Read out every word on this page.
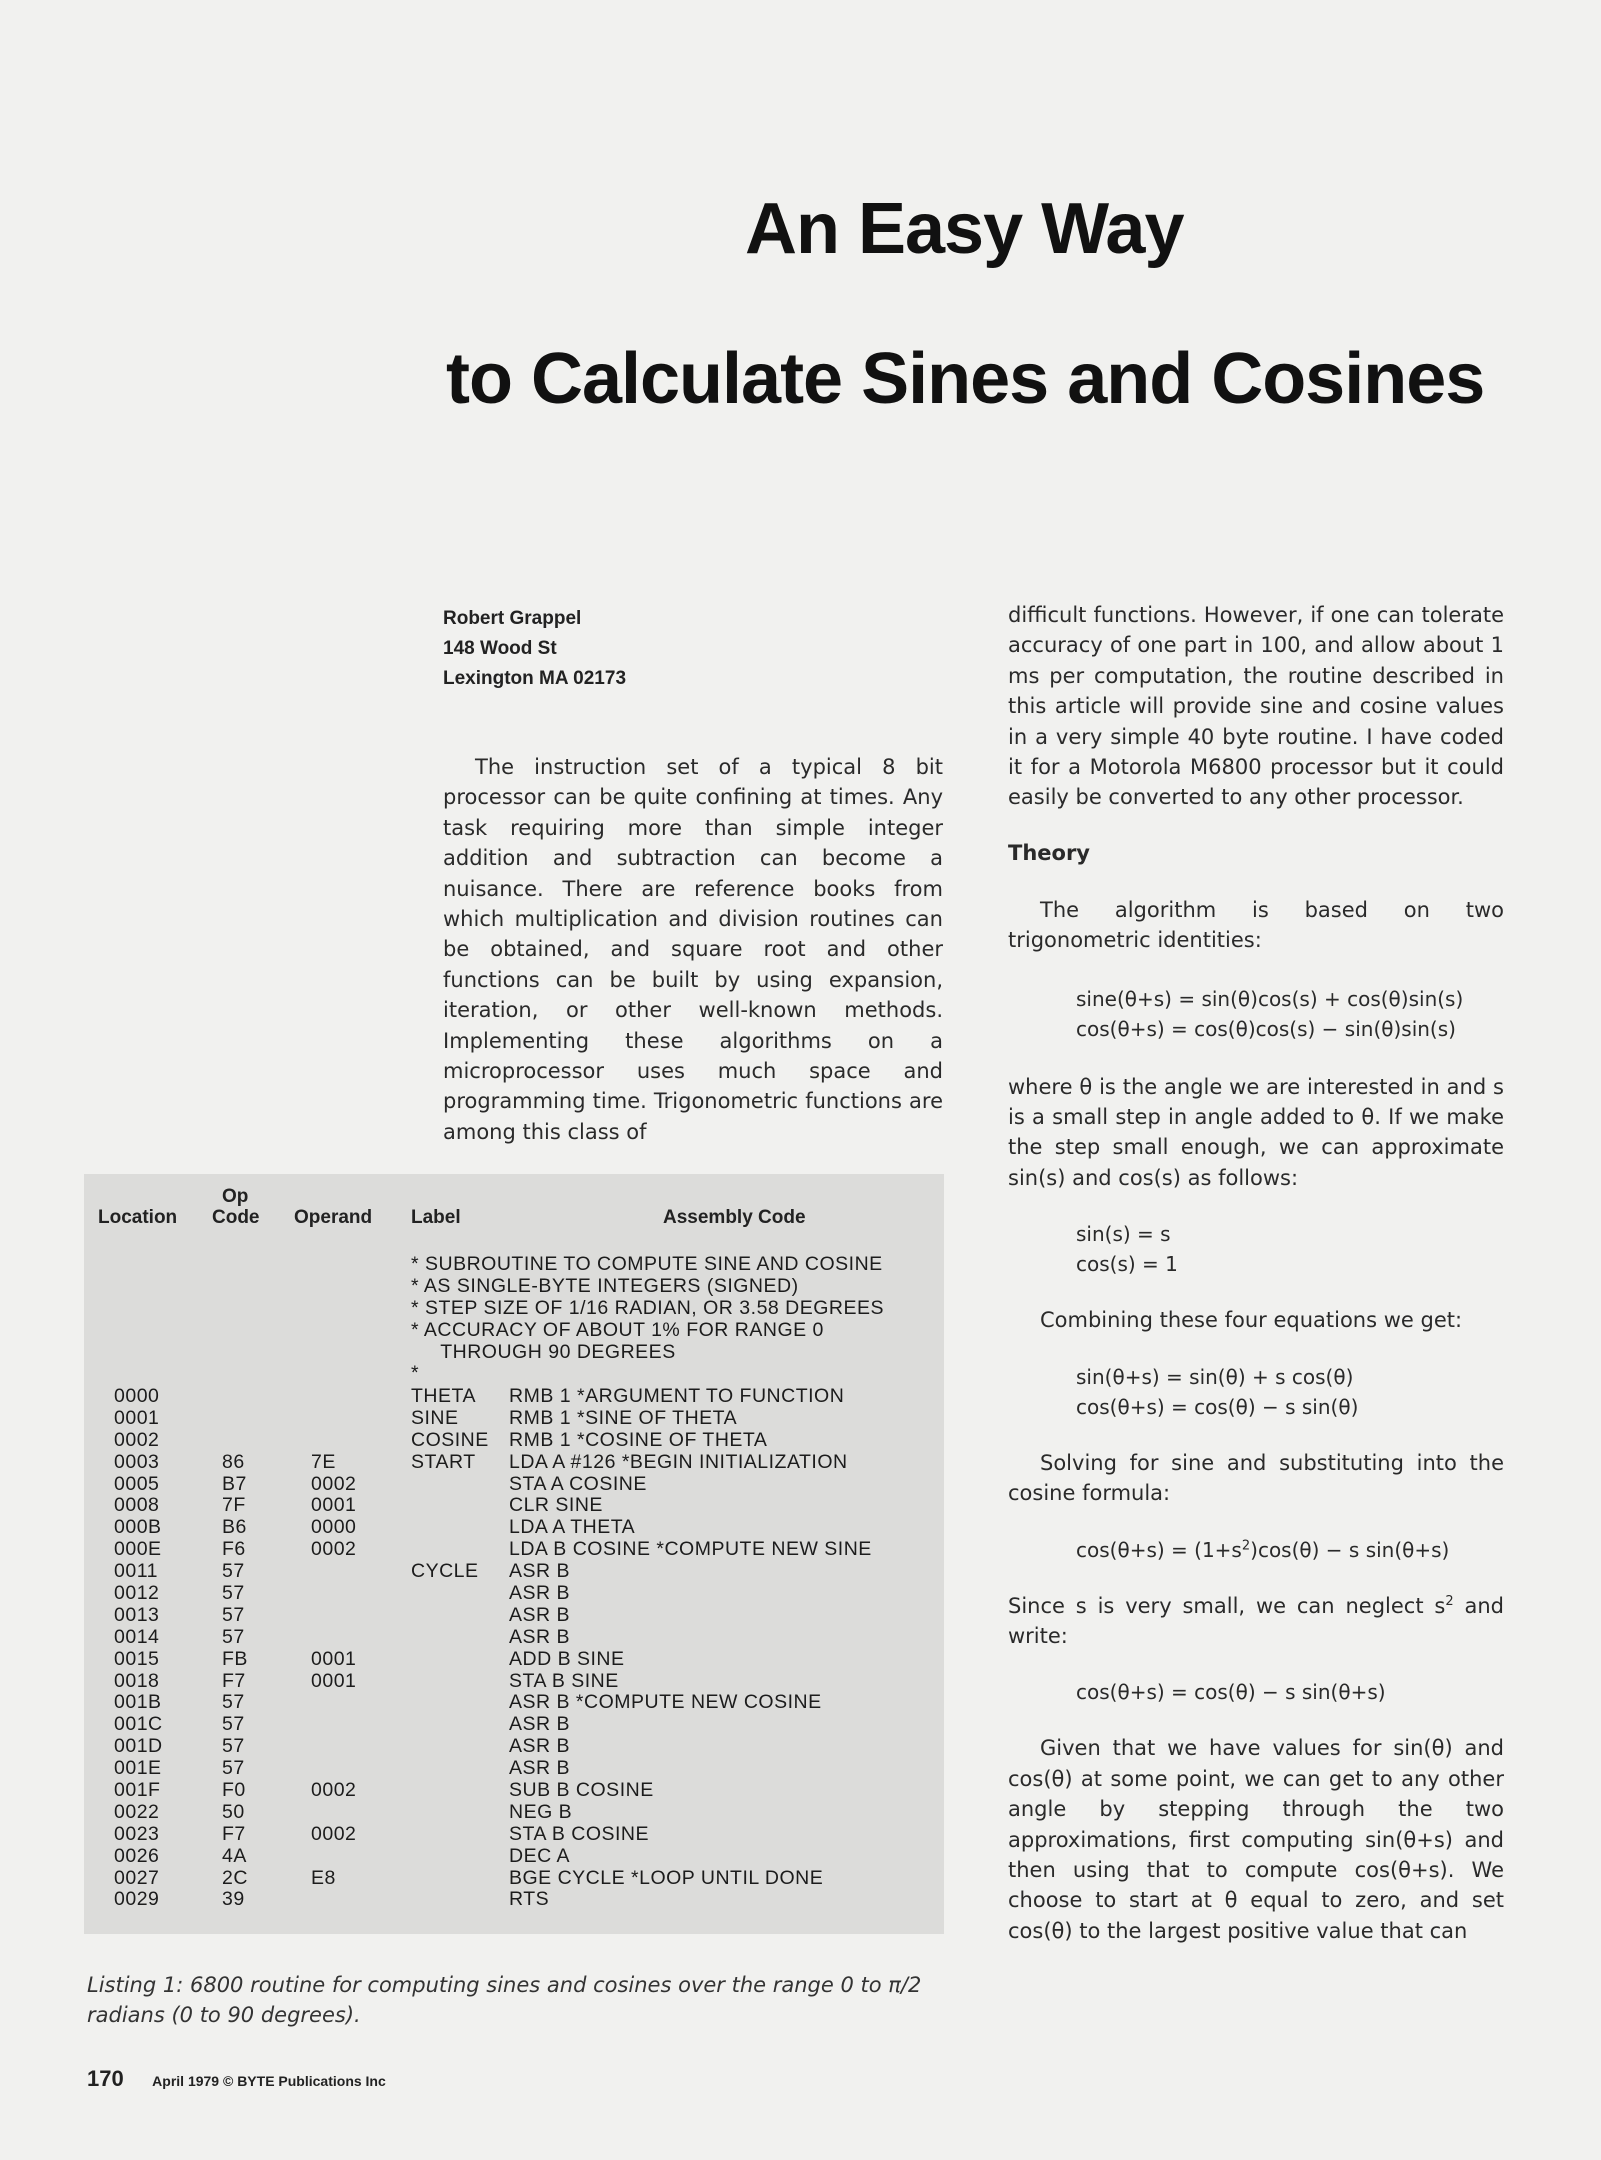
An Easy Way
to Calculate Sines and Cosines
Robert Grappel
148 Wood St
Lexington MA 02173

The instruction set of a typical 8 bit processor can be quite confining at times. Any task requiring more than simple integer addition and subtraction can become a nuisance. There are reference books from which multiplication and division routines can be obtained, and square root and other functions can be built by using expansion, iteration, or other well-known methods. Implementing these algorithms on a microprocessor uses much space and programming time. Trigonometric functions are among this class of

difficult functions. However, if one can tolerate accuracy of one part in 100, and allow about 1 ms per computation, the routine described in this article will provide sine and cosine values in a very simple 40 byte routine. I have coded it for a Motorola M6800 processor but it could easily be converted to any other processor.

Theory

The algorithm is based on two trigonometric identities:

sine(θ+s) = sin(θ)cos(s) + cos(θ)sin(s)
cos(θ+s) = cos(θ)cos(s) − sin(θ)sin(s)

where θ is the angle we are interested in and s is a small step in angle added to θ. If we make the step small enough, we can approximate sin(s) and cos(s) as follows:

sin(s) = s
cos(s) = 1

Combining these four equations we get:

sin(θ+s) = sin(θ) + s cos(θ)
cos(θ+s) = cos(θ) − s sin(θ)

Solving for sine and substituting into the cosine formula:

$\cos(\theta+s) = (1+s^2)\cos(\theta) - s$ sin(θ+s)

Since s is very small, we can neglect $s^2$ and write:

cos(θ+s) = cos(θ) − s sin(θ+s)

Given that we have values for sin(θ) and cos(θ) at some point, we can get to any other angle by stepping through the two approximations, first computing sin(θ+s) and then using that to compute cos(θ+s). We choose to start at θ equal to zero, and set cos(θ) to the largest positive value that can

Op
Location Code Operand Label	Assembly Code
* SUBROUTINE TO COMPUTE SINE AND COSINE
* AS SINGLE-BYTE INTEGERS (SIGNED)
* STEP SIZE OF 1/16 RADIAN, OR 3.58 DEGREES
* ACCURACY OF ABOUT 1% FOR RANGE 0
THROUGH 90 DEGREES
*
0000
0001
0002
0003
0005
0008
000B
000E
0011
0012
0013
0014
0015
0018
001B
001C
001D
001E
001F
0022
0023
0026
0027
0029
86
B7
7F
B6
F6
57
57
57
57
FB
F7
57
57
57
57
F0
50
F7
4A
2C
39
7E
0002
0001
0000
0002
0001
0001
0002
0002
E8
THETA
SINE
COSINE
START
CYCLE
RMB 1 *ARGUMENT TO FUNCTION
RMB 1 *SINE OF THETA
RMB 1 *COSINE OF THETA
LDA A #126 *BEGIN INITIALIZATION
STA A COSINE
CLR SINE
LDA A THETA
LDA B COSINE *COMPUTE NEW SINE
ASR B
ASR B
ASR B
ASR B
ADD B SINE
STA B SINE
ASR B *COMPUTE NEW COSINE
ASR B
ASR B
ASR B
SUB B COSINE
NEG B
STA B COSINE
DEC A
BGE CYCLE *LOOP UNTIL DONE
RTS
Listing 1: 6800 routine for computing sines and cosines over the range 0 to π/2 radians (0 to 90 degrees).
170 April 1979 © BYTE Publications Inc
